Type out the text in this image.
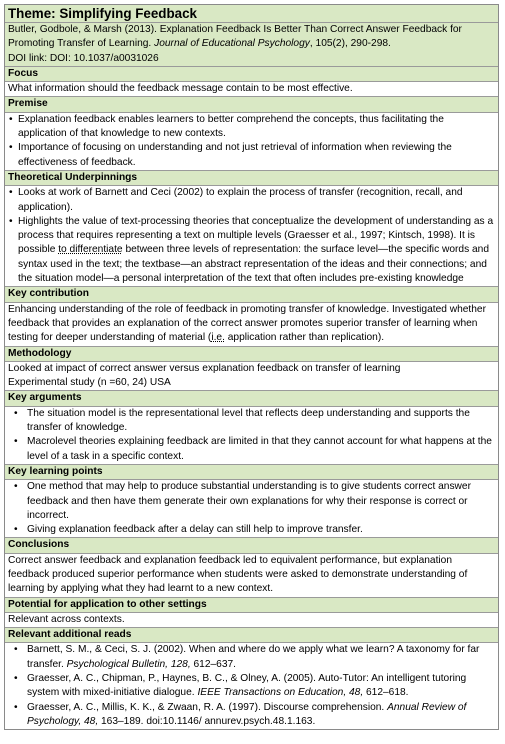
Theme: Simplifying Feedback
Butler, Godbole, & Marsh (2013). Explanation Feedback Is Better Than Correct Answer Feedback for Promoting Transfer of Learning. Journal of Educational Psychology, 105(2), 290-298.
DOI link: DOI: 10.1037/a0031026
Focus
What information should the feedback message contain to be most effective.
Premise
• Explanation feedback enables learners to better comprehend the concepts, thus facilitating the application of that knowledge to new contexts.
• Importance of focusing on understanding and not just retrieval of information when reviewing the effectiveness of feedback.
Theoretical Underpinnings
• Looks at work of Barnett and Ceci (2002) to explain the process of transfer (recognition, recall, and application).
• Highlights the value of text-processing theories that conceptualize the development of understanding as a process that requires representing a text on multiple levels (Graesser et al., 1997; Kintsch, 1998). It is possible to differentiate between three levels of representation: the surface level—the specific words and syntax used in the text; the textbase—an abstract representation of the ideas and their connections; and the situation model—a personal interpretation of the text that often includes pre-existing knowledge
Key contribution
Enhancing understanding of the role of feedback in promoting transfer of knowledge. Investigated whether feedback that provides an explanation of the correct answer promotes superior transfer of learning when testing for deeper understanding of material (i.e. application rather than replication).
Methodology
Looked at impact of correct answer versus explanation feedback on transfer of learning
Experimental study (n =60, 24) USA
Key arguments
• The situation model is the representational level that reflects deep understanding and supports the transfer of knowledge.
• Macrolevel theories explaining feedback are limited in that they cannot account for what happens at the level of a task in a specific context.
Key learning points
• One method that may help to produce substantial understanding is to give students correct answer feedback and then have them generate their own explanations for why their response is correct or incorrect.
• Giving explanation feedback after a delay can still help to improve transfer.
Conclusions
Correct answer feedback and explanation feedback led to equivalent performance, but explanation feedback produced superior performance when students were asked to demonstrate understanding of learning by applying what they had learnt to a new context.
Potential for application to other settings
Relevant across contexts.
Relevant additional reads
• Barnett, S. M., & Ceci, S. J. (2002). When and where do we apply what we learn? A taxonomy for far transfer. Psychological Bulletin, 128, 612–637.
• Graesser, A. C., Chipman, P., Haynes, B. C., & Olney, A. (2005). Auto-Tutor: An intelligent tutoring system with mixed-initiative dialogue. IEEE Transactions on Education, 48, 612–618.
• Graesser, A. C., Millis, K. K., & Zwaan, R. A. (1997). Discourse comprehension. Annual Review of Psychology, 48, 163–189. doi:10.1146/ annurev.psych.48.1.163.
